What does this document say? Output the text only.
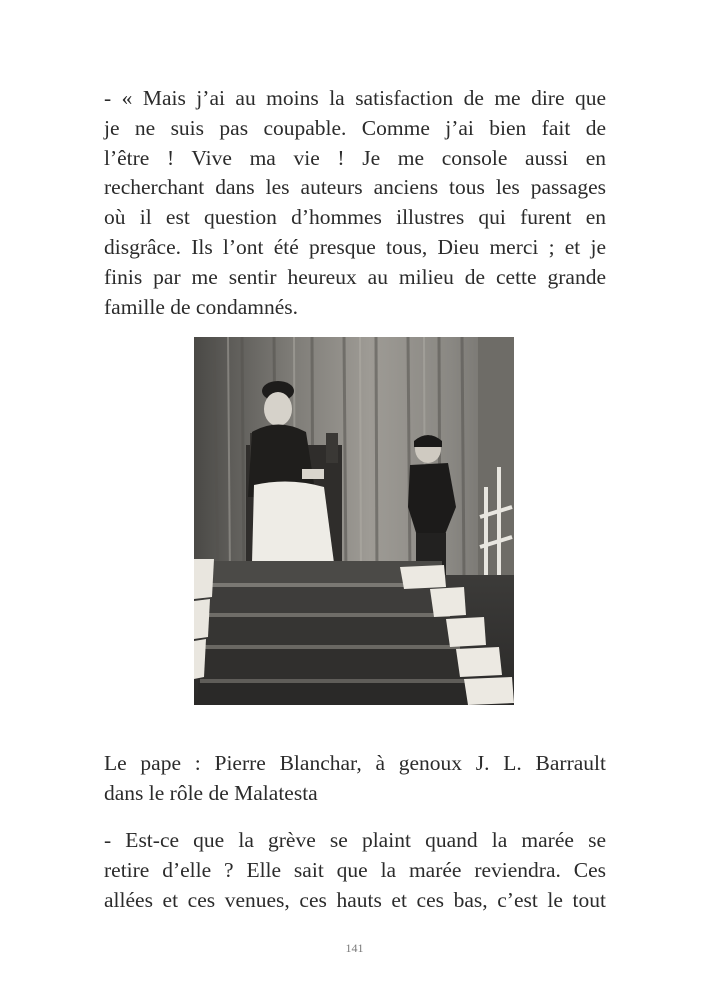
- « Mais j’ai au moins la satisfaction de me dire que
je ne suis pas coupable. Comme j’ai bien fait de
l’être ! Vive ma vie ! Je me console aussi en
recherchant dans les auteurs anciens tous les passages
où il est question d’hommes illustres qui furent en
disgrâce. Ils l’ont été presque tous, Dieu merci ; et je
finis par me sentir heureux au milieu de cette grande
famille de condamnés.
Le pape : Pierre Blanchar, à genoux J. L. Barrault
dans le rôle de Malatesta
- Est-ce que la grève se plaint quand la marée se
retire d’elle ? Elle sait que la marée reviendra. Ces
allées et ces venues, ces hauts et ces bas, c’est le tout
141
